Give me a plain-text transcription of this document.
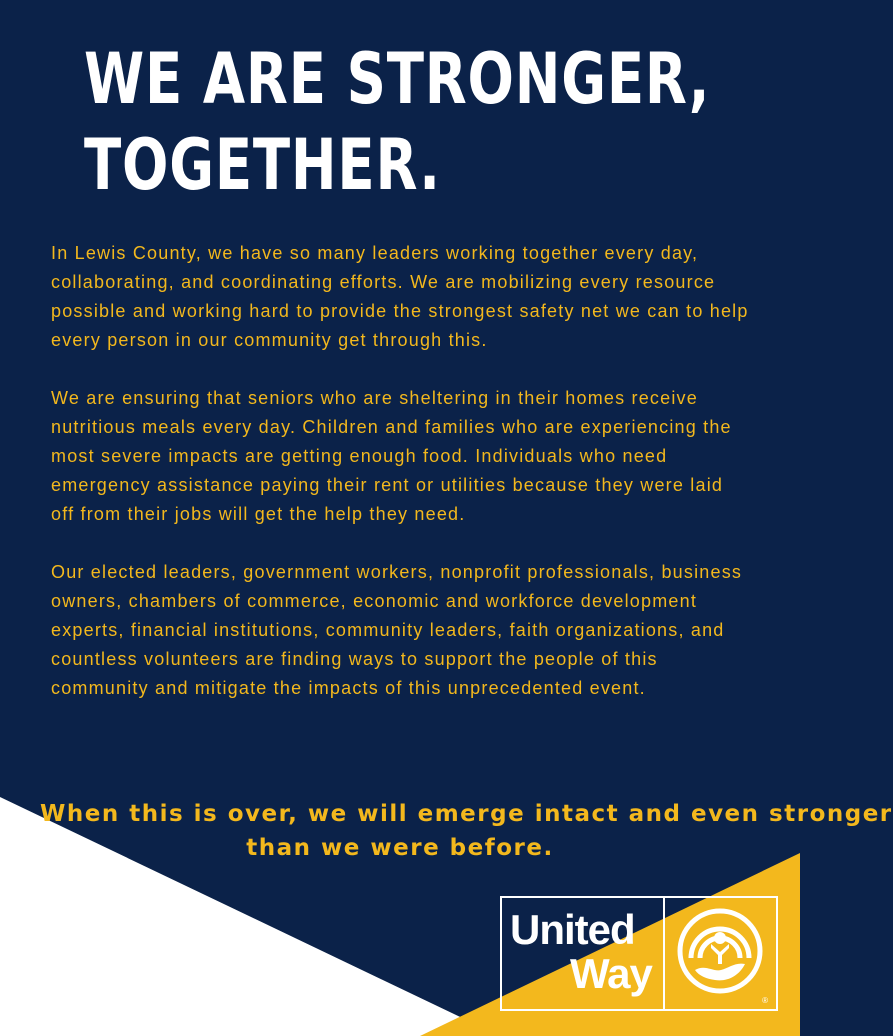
WE ARE STRONGER,
TOGETHER.

In Lewis County, we have so many leaders working together every day, collaborating, and coordinating efforts. We are mobilizing every resource possible and working hard to provide the strongest safety net we can to help every person in our community get through this.

We are ensuring that seniors who are sheltering in their homes receive nutritious meals every day. Children and families who are experiencing the most severe impacts are getting enough food. Individuals who need emergency assistance paying their rent or utilities because they were laid off from their jobs will get the help they need.

Our elected leaders, government workers, nonprofit professionals, business owners, chambers of commerce, economic and workforce development experts, financial institutions, community leaders, faith organizations, and countless volunteers are finding ways to support the people of this community and mitigate the impacts of this unprecedented event.

When this is over, we will emerge intact and even stronger
than we were before.
United
Way
®
